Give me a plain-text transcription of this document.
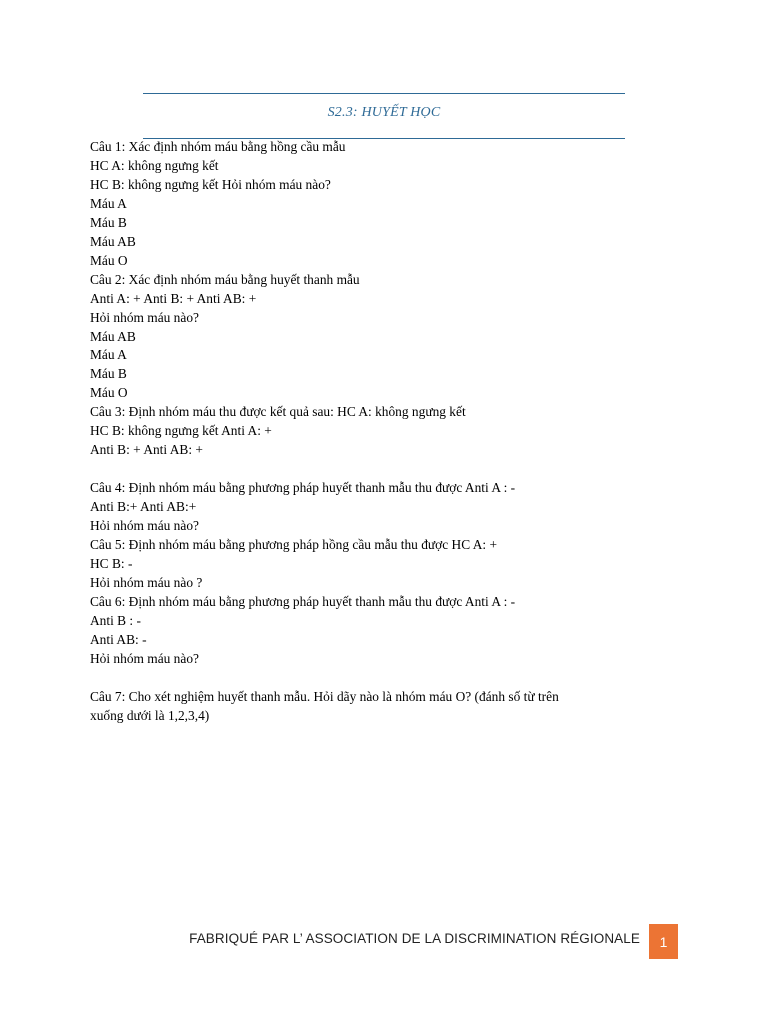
S2.3: HUYẾT HỌC
Câu 1: Xác định nhóm máu bằng hồng cầu mẫu
HC A: không ngưng kết
HC B: không ngưng kết Hỏi nhóm máu nào?
Máu A
Máu B
Máu AB
Máu O
Câu 2: Xác định nhóm máu bằng huyết thanh mẫu
Anti A: + Anti B: + Anti AB: +
Hỏi nhóm máu nào?
Máu AB
Máu A
Máu B
Máu O
Câu 3: Định nhóm máu thu được kết quả sau: HC A: không ngưng kết
HC B: không ngưng kết Anti A: +
Anti B: + Anti AB: +
Câu 4: Định nhóm máu bằng phương pháp huyết thanh mẫu thu được Anti A : -
Anti B:+ Anti AB:+
Hỏi nhóm máu nào?
Câu 5: Định nhóm máu bằng phương pháp hồng cầu mẫu thu được HC A: +
HC B: -
Hỏi nhóm máu nào ?
Câu 6: Định nhóm máu bằng phương pháp huyết thanh mẫu thu được Anti A : -
Anti B : -
Anti AB: -
Hỏi nhóm máu nào?
Câu 7: Cho xét nghiệm huyết thanh mẫu. Hỏi dãy nào là nhóm máu O? (đánh số từ trên
xuống dưới là 1,2,3,4)
FABRIQUÉ PAR L’ ASSOCIATION DE LA DISCRIMINATION RÉGIONALE 1
